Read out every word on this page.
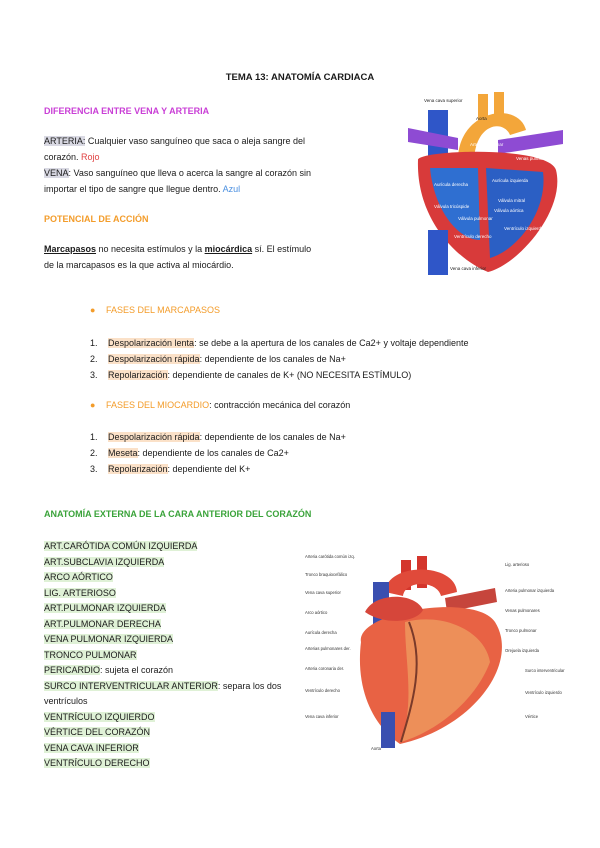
TEMA 13: ANATOMÍA CARDIACA
DIFERENCIA ENTRE VENA Y ARTERIA
ARTERIA: Cualquier vaso sanguíneo que saca o aleja sangre del
corazón. Rojo
VENA: Vaso sanguíneo que lleva o acerca la sangre al corazón sin
importar el tipo de sangre que llegue dentro. Azul
POTENCIAL DE ACCIÓN
Marcapasos no necesita estímulos y la miocárdica sí. El estímulo
de la marcapasos es la que activa al miocárdio.
● FASES DEL MARCAPASOS
1. Despolarización lenta: se debe a la apertura de los canales de Ca2+ y voltaje dependiente
2. Despolarización rápida: dependiente de los canales de Na+
3. Repolarización: dependiente de canales de K+ (NO NECESITA ESTÍMULO)
● FASES DEL MIOCARDIO: contracción mecánica del corazón
1. Despolarización rápida: dependiente de los canales de Na+
2. Meseta: dependiente de los canales de Ca2+
3. Repolarización: dependiente del K+
ANATOMÍA EXTERNA DE LA CARA ANTERIOR DEL CORAZÓN
ART.CARÓTIDA COMÚN IZQUIERDA
ART.SUBCLAVIA IZQUIERDA
ARCO AÓRTICO
LIG. ARTERIOSO
ART.PULMONAR IZQUIERDA
ART.PULMONAR DERECHA
VENA PULMONAR IZQUIERDA
TRONCO PULMONAR
PERICARDIO: sujeta el corazón
SURCO INTERVENTRICULAR ANTERIOR: separa los dos
ventrículos
VENTRÍCULO IZQUIERDO
VÉRTICE DEL CORAZÓN
VENA CAVA INFERIOR
VENTRÍCULO DERECHO
Vena cava superior
Aorta
Arteria pulmonar
Venas pulmonares
Aurícula derecha
Aurícula izquierda
Válvula tricúspide
Válvula pulmonar
Válvula mitral
Válvula aórtica
Ventrículo izquierdo
Ventrículo derecho
Vena cava inferior
Arteria carótida común izq.
Tronco braquiocefálico
Vena cava superior
Arco aórtico
Aurícula derecha
Arterias pulmonares der.
Arteria coronaria der.
Ventrículo derecho
Vena cava inferior
Aorta
Lig. arterioso
Arteria pulmonar izquierda
Venas pulmonares
Tronco pulmonar
Orejuela izquierda
Surco interventricular
Ventrículo izquierdo
Vértice
